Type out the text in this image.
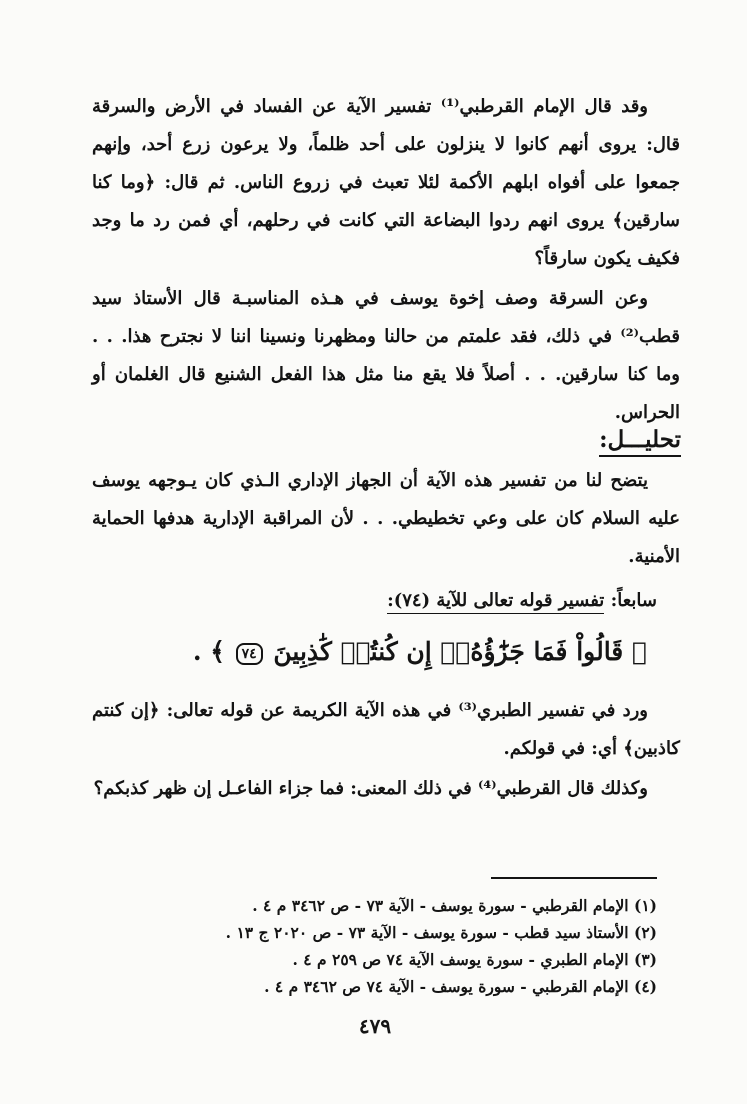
وقد قال الإمام القرطبي⁽¹⁾ تفسير الآية عن الفساد في الأرض والسرقة قال: يروى أنهم كانوا لا ينزلون على أحد ظلماً، ولا يرعون زرع أحد، وإنهم جمعوا على أفواه ابلهم الأكمة لئلا تعبث في زروع الناس. ثم قال: ﴿وما كنا سارقين﴾ يروى انهم ردوا البضاعة التي كانت في رحلهم، أي فمن رد ما وجد فكيف يكون سارقاً؟

وعن السرقة وصف إخوة يوسف في هـذه المناسبـة قال الأستاذ سيد قطب⁽²⁾ في ذلك، فقد علمتم من حالنا ومظهرنا ونسينا اننا لا نجترح هذا. . . وما كنا سارقين. . . أصلاً فلا يقع منا مثل هذا الفعل الشنيع قال الغلمان أو الحراس.

تحليـــل:

يتضح لنا من تفسير هذه الآية أن الجهاز الإداري الـذي كان يـوجهه يوسف عليه السلام كان على وعي تخطيطي. . . لأن المراقبة الإدارية هدفها الحماية الأمنية.

سابعاً: تفسير قوله تعالى للآية (٧٤):
﴿ قَالُواْ فَمَا جَزَٰٓؤُهُۥٓ إِن كُنتُمۡ كَٰذِبِينَ ٧٤ ﴾ .

ورد في تفسير الطبري⁽³⁾ في هذه الآية الكريمة عن قوله تعالى: ﴿إن كنتم كاذبين﴾ أي: في قولكم.

وكذلك قال القرطبي⁽⁴⁾ في ذلك المعنى: فما جزاء الفاعـل إن ظهر كذبكم؟

(١) الإمام القرطبي - سورة يوسف - الآية ٧٣ - ص ٣٤٦٢ م ٤ .
(٢) الأستاذ سيد قطب - سورة يوسف - الآية ٧٣ - ص ٢٠٢٠ ج ١٣ .
(٣) الإمام الطبري - سورة يوسف الآية ٧٤ ص ٢٥٩ م ٤ .
(٤) الإمام القرطبي - سورة يوسف - الآية ٧٤ ص ٣٤٦٢ م ٤ .
٤٧٩
